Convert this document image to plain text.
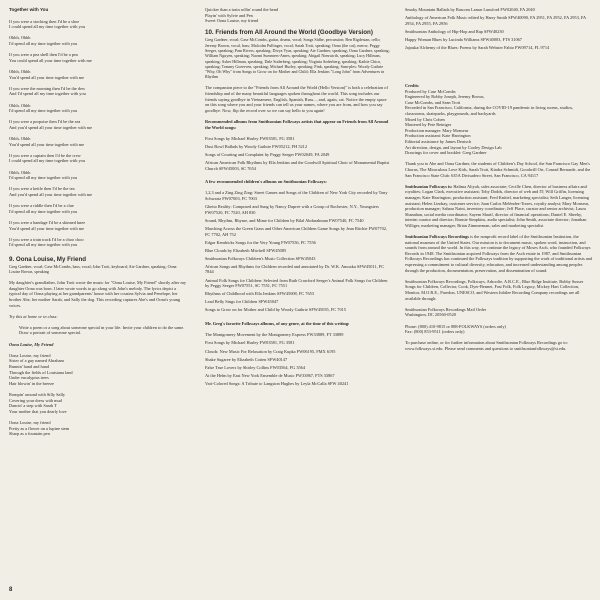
Together with You
If you were a stocking then I'd be a shoe
I could spend all my time together with you
Ohhh, Ohhh
I'd spend all my time together with you
If you were a pea shell then I'd be a pea
You could spend all your time together with me
Ohhh, Ohhh
You'd spend all your time together with me
If you were the morning then I'd be the dew
And I'd spend all my time together with you
Ohhh, Ohhh
I'd spend all my time together with you
If you were a porpoise then I'd be the sea
And you'd spend all your time together with me
Ohhh, Ohhh
You'd spend all your time together with me
If you were a captain then I'd be the crew
I could spend all my time together with you
Ohhh, Ohhh
I'd spend all my time together with you
If you were a kettle then I'd be the tea
And you'd spend all your time together with me
If you were a riddle then I'd be a clue
I'd spend all my time together with you
If you were a bandage I'd be a skinned knee
You'd spend all your time together with me
If you were a train track I'd be a choo choo
I'd spend all my time together with you
9. Oona Louise, My Friend
Greg Gardner, vocal; Case McCombs, bass, vocal; John Trott, keyboard; Ate Gardner, speaking; Oona Louise Brown, speaking
My daughter's grandfather, John Trott wrote the music for "Oona Louise, My Friend" shortly after my daughter Oona was born. I later wrote words to go along with John's melody. The lyrics depict a typical day of Oona playing at her grandparents' house with her cousins Sylvia and Penelope, her brother Abe, her mother Sarah, and Sally the dog. This recording captures Abe's and Oona's young voices.
Try this at home or in class:
Write a poem or a song about someone special in your life. Invite your children to do the same.
Draw a portrait of someone special.
Oona Louise, My Friend
Oona Louise, my friend
Sister of a guy named Abraham
Runnin' hand and hand
Through the fields of Louisiana land
Under eucalyptus trees
Hair blowin' in the breeze
Rompin' around with Silly Sally
Covering your dress with mud
Dancin' a step with Sarah T
Your mother that you dearly love
Oona Louise, my friend
Pretty as a flower on a lupine stem
Sharp as a fountain pen
Quicker than a train rollin' round the bend
Playin' with Sylvie and Pen
Sweet Oona Louise, my friend
10. Friends from All Around the World (Goodbye Version)
Greg Gardner, vocal; Case McCombs, guitar, drums, vocal; Songs Sidhe, percussion; Ben Rigdesian, cello; Jeremy Brown, vocal, bass; Malcolm Pullinger, vocal; Sarah Trott, speaking; Oona (the cat), meow; Peggy Seeger, speaking; Pam Rivers, speaking; Divya Vyas, speaking; Ate Gardner, speaking; Oona Gardner, speaking; William Nguyen, speaking; Naomi Summers-Ames, speaking; Abigail Nieuwirth, speaking; Lucy Hillman, speaking; Asher Hillman, speaking; Dale Soderberg, speaking; Virginia Soderberg, speaking; Kathie Chico, speaking; Tommy Goeerven, speaking; Michael Hurley, speaking; Pink, speaking; Sam-ples: Woody Guthrie "Why, Oh Why" from Songs to Grow on for Mother and Child; Ella Jenkins "Long John" from Adventures in Rhythm
The companion piece to the "Friends from All Around the World (Hello Version)" is both a celebration of friendship and of the many beautiful languages spoken throughout the world. This song includes our friends saying goodbye in Vietnamese, English, Spanish, Russ..., and, again, cat. Notice the empty space on this song where you and your friends can tell us your names, where you are from, and how you say goodbye. Now, flip the record over so we can say hello to you again!
Recommended albums from Smithsonian Folkways artists that appear on Friends from All Around the World songs:
First Songs by Michael Hurley FW03581, FG 3581
Dust Bowl Ballads by Woody Guthrie FW05212, FH 5212
Songs of Courting and Complaint by Peggy Seeger FW02049, FA 2049
African American Folk Rhythms by Ella Jenkins and the Goodwill Spiritual Choir of Monumental Baptist Church SFW45003, SC 7654
A few recommended children's albums on Smithsonian Folkways:
1,2,3 and a Zing Zing Zing: Street Games and Songs of the Children of New York City recorded by Tony Schwartz FW07003, FC 7003
Ghetto Reality: Composed and Sung by Nancy Dupree with a Group of Rochester, N.Y., Youngsters FW07520, FC 7520, AH 830
Sound, Rhythm, Rhyme, and Mime for Children by Bilal Abdurahman FW07540, FC 7540
Marching Across the Green Grass and Other American Children Game Songs by Jean Ritchie FW07702, FC 7702, AH 752
Edgar Kendricks Songs for the Very Young FW07556, FC 7556
Blue Clouds by Elizabeth Mitchell SFW45085
Smithsonian Folkways Children's Music Collection SFW45043
African Songs and Rhythms for Children recorded and annotated by Dr. W.K. Amoaku SFW45011, FC 7844
Animal Folk Songs for Children: Selected from Ruth Crawford Seeger's Animal Folk Songs for Children by Peggy Seeger FW07551, SC 7551, FC 7551
Rhythms of Childhood with Ella Jenkins SFW45008, FC 7653
Lead Belly Sings for Children SFW45047
Songs to Grow on for Mother and Child by Woody Guthrie SFW45035, FC 7015
Mr. Greg's favorite Folkways albums, of any genre, at the time of this writing:
The Montgomery Movement by the Montgomery Express FW33889, FT 33889
First Songs by Michael Hurley FW03581, FG 3581
Clouds: New Music For Relaxation by Craig Kupka FW06195, FMX 6195
Shake Sugaree by Elizabeth Cotten SFW40147
False True Lovers by Shirley Collins FW03564, FG 3564
At the Helm by East New York Ensemble de Music FW33867, FTS 33867
Vari-Colored Songs: A Tribute to Langston Hughes by Leyla McCalla SFW 40241
Smoky Mountain Ballads by Bascom Lamar Lunsford FW02040, FA 2040
Anthology of American Folk Music edited by Harry Smith SFW40090, FA 2951, FA 2952, FA 2953, FA 2954, FA 2955, FA 2956
Smithsonian Anthology of Hip-Hop and Rap SFW40230
Happy Woman Blues by Lucinda Williams SFW40003, FTS 31067
Jajouka/Alchemy of the Blues: Poems by Sarah Webster Fabio FW09714, FL 9714
Credits
Produced by Case McCombs
Engineered by Robby Joseph, Jeremy Brown,
Case McCombs, and Sean Trott
Recorded in San Francisco, California, during the COVID-19 pandemic in living rooms, studios, classrooms, skateparks, playgrounds, and backyards
Mixed by Chris Cohen
Mastered by Pete Reiniger
Production manager: Mary Monseur
Production assistant: Kate Harrington
Editorial assistance by James Deutsch
Art direction, design, and layout by Cooley Design Lab
Drawings for cover and booklet: Greg Gardner
Thank you to Abe and Oona Gardner, the students of Children's Day School, the San Francisco Gay Men's Chorus, The Miraculous Love Kids, Sarah Trott, Kindra Schmidt, Goodwill Orr, Conrad Bernarde, and the San Francisco State Club: 635A Divisadero Street, San Francisco, CA 94117
Smithsonian Folkways is: Halima Aliyah, sales associate; Cecille Chen, director of business affairs and royalties; Logan Clark, executive assistant; Toby Dodds, director of web and IT; Will Griffin, licensing manager; Kate Harrington, production assistant; Fred Knittel, marketing specialist; Seth Langer, licensing assistant; Helen Lindsay, customer service; Juan Carlos Meléndez-Torres, royalty analyst; Mary Monseur, production manager; Sahara Naini, inventory coordinator; Jeff Place, curator and senior archivist; Laura Shanahan, social media coordinator; Sayem Sharif, director of financial operations; Daniel E. Sheehy, interim curator and director; Ronnie Simpkins, audio specialist; John Smith, associate director; Jonathan Williger, marketing manager; Brian Zimmerman, sales and marketing specialist
Smithsonian Folkways Recordings is the nonprofit record label of the Smithsonian Institution, the national museum of the United States. Our mission is to document music, spoken word, instruction, and sounds from around the world. In this way, we continue the legacy of Moses Asch, who founded Folkways Records in 1948. The Smithsonian acquired Folkways from the Asch estate in 1987, and Smithsonian Folkways Recordings has continued the Folkways tradition by supporting the work of traditional artists and expressing a commitment to cultural diversity, education, and increased understanding among peoples through the production, documentation, preservation, and dissemination of sound.
Smithsonian Folkways Recordings, Folkways, Arhoolie, A.R.C.E., Blue Ridge Institute, Bobby Susser Songs for Children, Collector, Cook, Dyer-Bennet, Fast Folk, Folk Legacy, Mickey Hart Collection, Monitor, M.O.R.E., Paredon, UNESCO, and Western Jubilee Recording Company recordings are all available through:
Smithsonian Folkways Recordings Mail Order
Washington, DC 20560-0520
Phone: (800) 410-9815 or 888-FOLKWAYS (orders only)
Fax: (800) 853-9511 (orders only)
To purchase online, or for further information about Smithsonian Folkways Recordings go to: www.folkways.si.edu. Please send comments and questions to smithsonianfolkways@si.edu.
8
